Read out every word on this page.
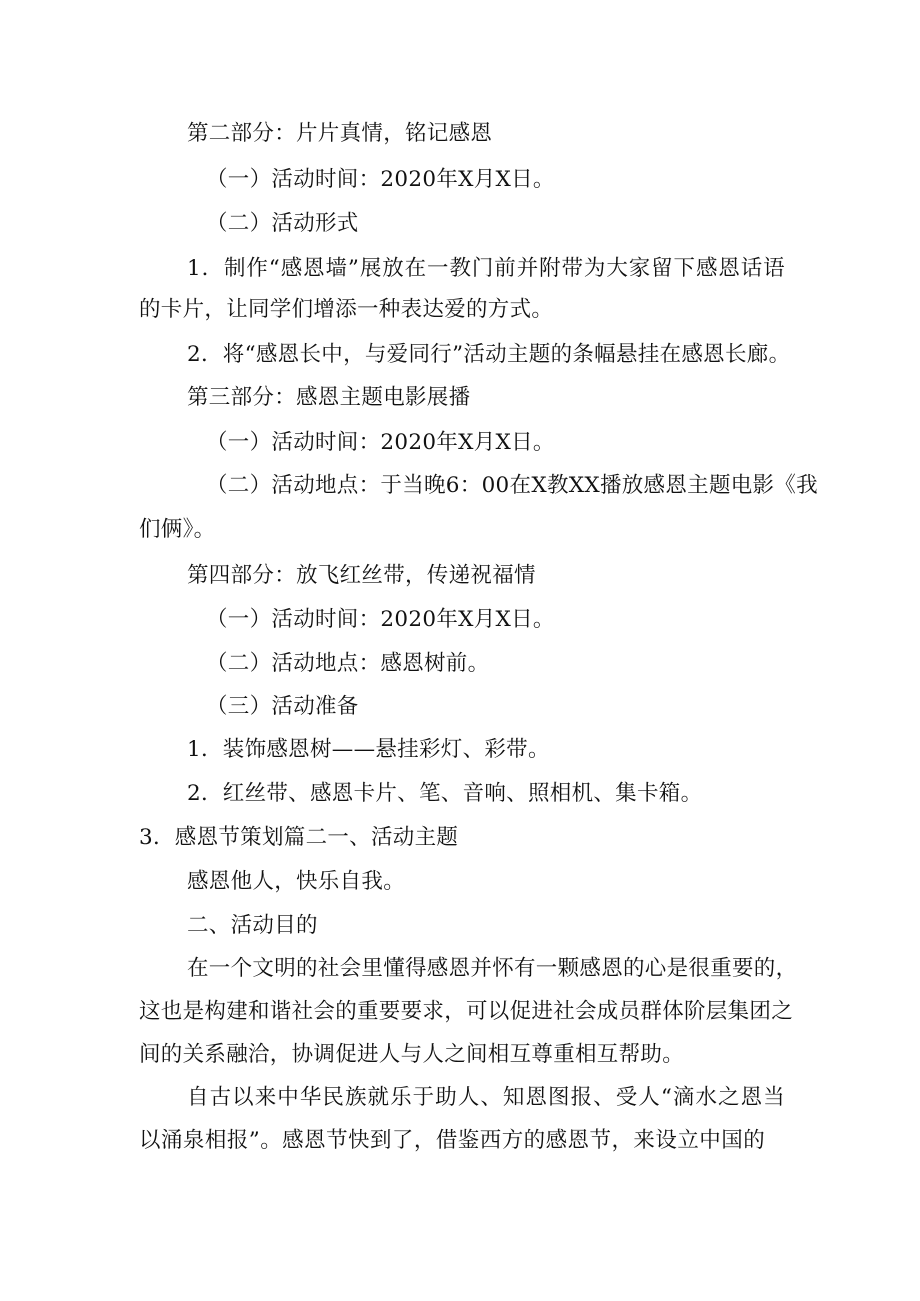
第二部分：片片真情，铭记感恩

（一）活动时间：2020年X月X日。

（二）活动形式

1．制作“感恩墙”展放在一教门前并附带为大家留下感恩话语

的卡片，让同学们增添一种表达爱的方式。

2．将“感恩长中，与爱同行”活动主题的条幅悬挂在感恩长廊。

第三部分：感恩主题电影展播

（一）活动时间：2020年X月X日。

（二）活动地点：于当晚6：00在X教XX播放感恩主题电影《我

们俩》。

第四部分：放飞红丝带，传递祝福情

（一）活动时间：2020年X月X日。

（二）活动地点：感恩树前。

（三）活动准备

1．装饰感恩树——悬挂彩灯、彩带。

2．红丝带、感恩卡片、笔、音响、照相机、集卡箱。

3．感恩节策划篇二一、活动主题

感恩他人，快乐自我。

二、活动目的

在一个文明的社会里懂得感恩并怀有一颗感恩的心是很重要的，

这也是构建和谐社会的重要要求，可以促进社会成员群体阶层集团之

间的关系融洽，协调促进人与人之间相互尊重相互帮助。

自古以来中华民族就乐于助人、知恩图报、受人“滴水之恩当

以涌泉相报”。感恩节快到了，借鉴西方的感恩节，来设立中国的
